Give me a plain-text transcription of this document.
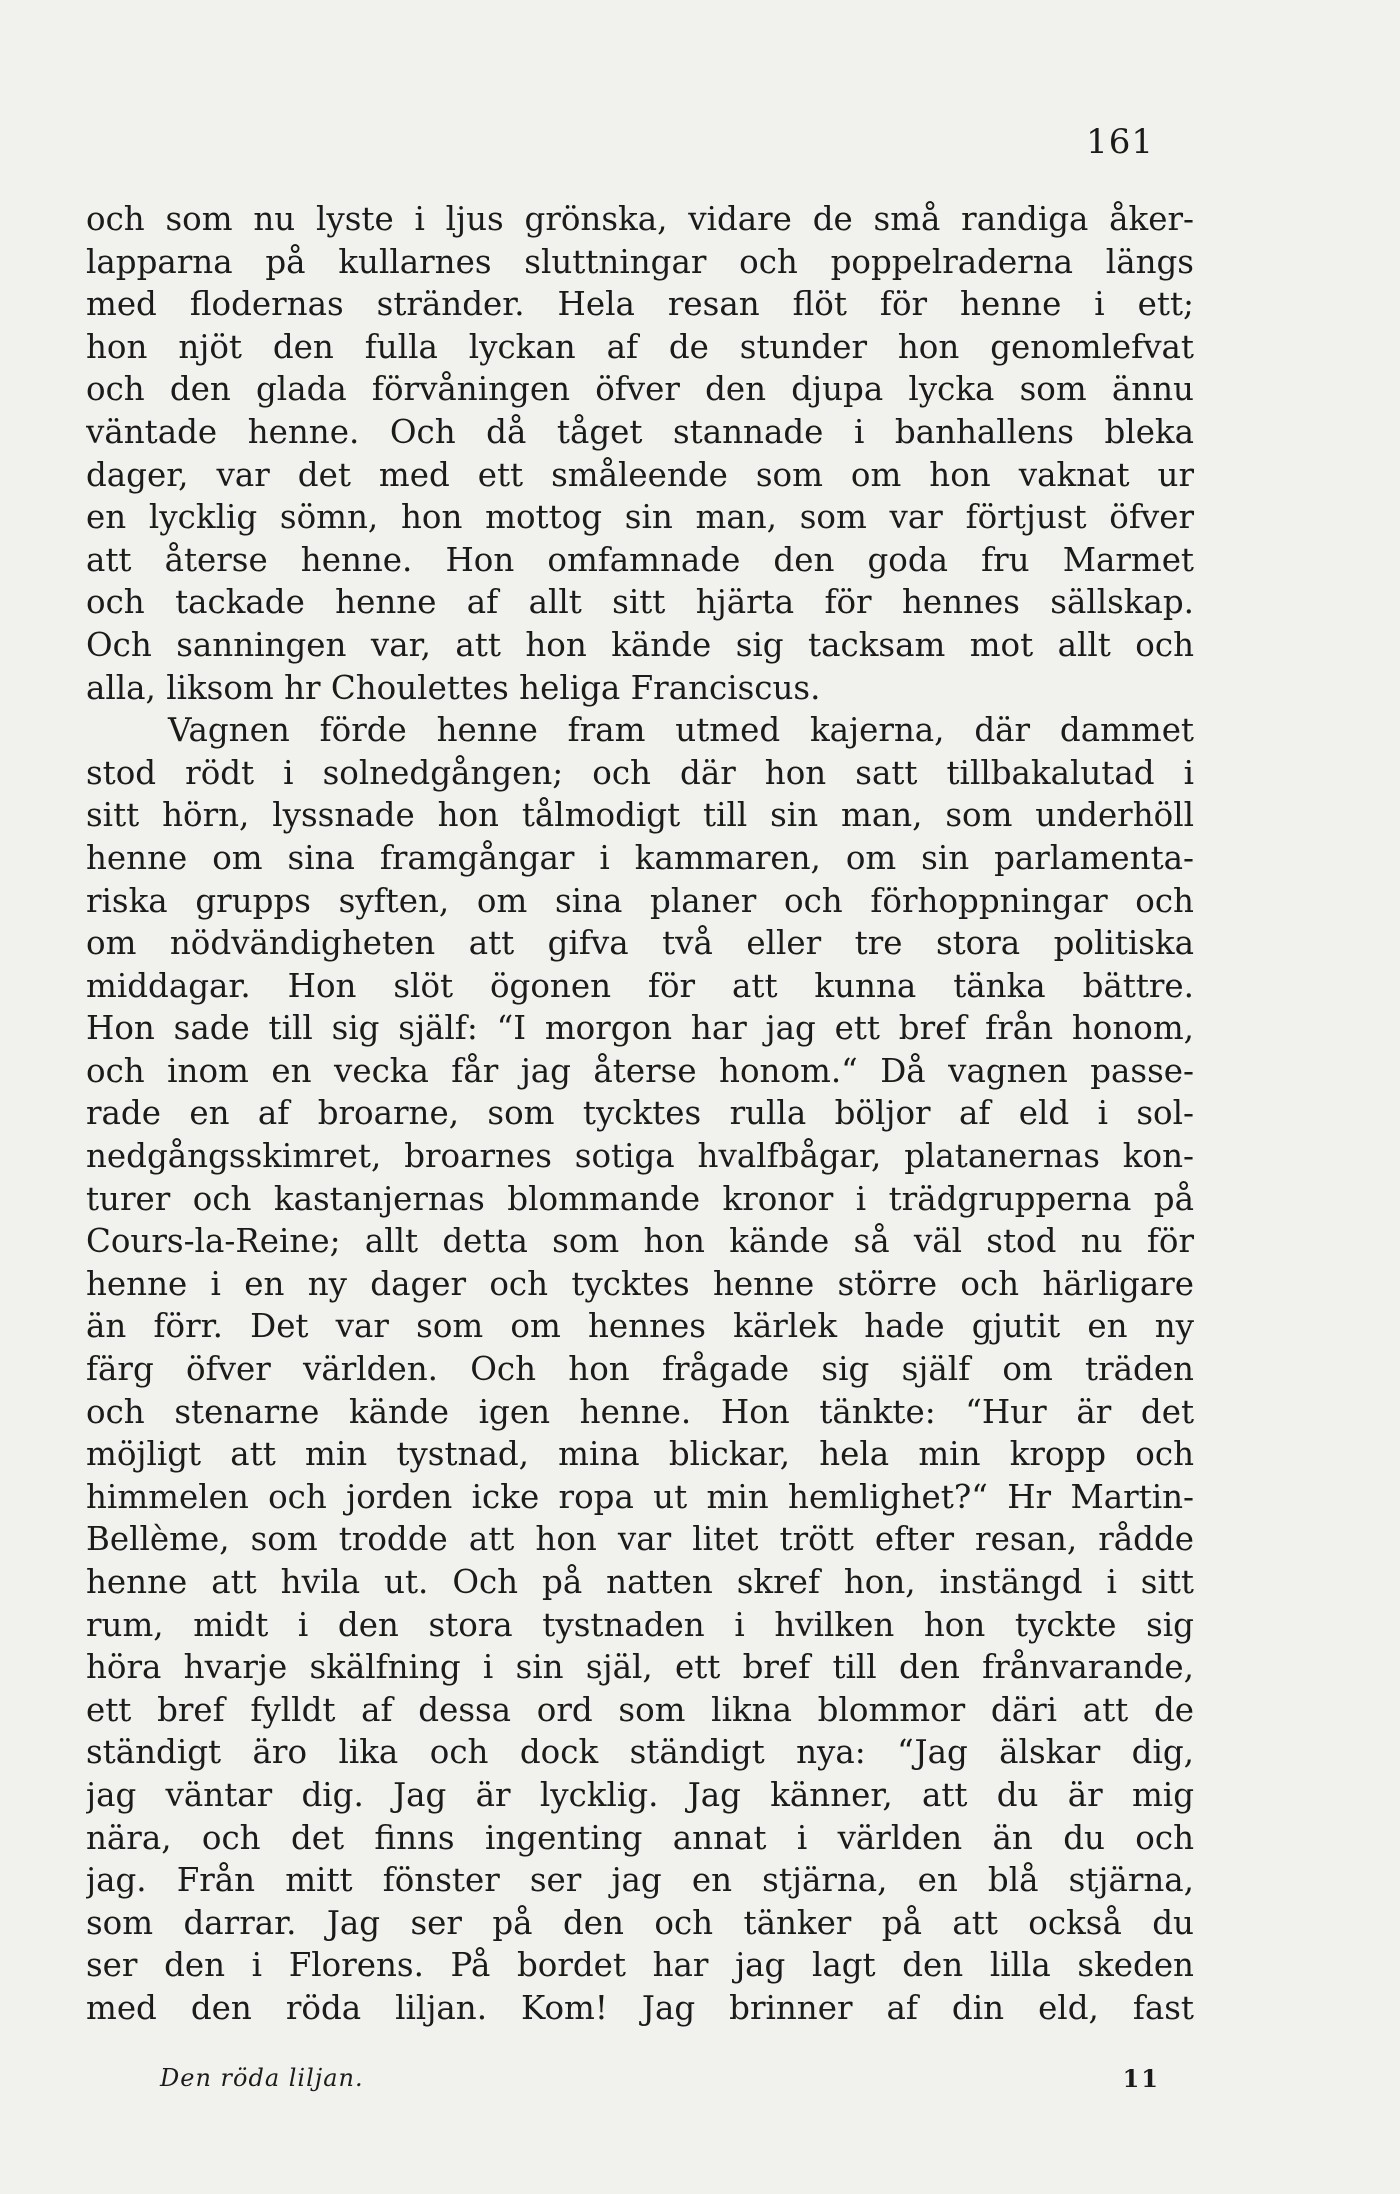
161
och som nu lyste i ljus grönska, vidare de små randiga åker-
lapparna på kullarnes sluttningar och poppelraderna längs
med flodernas stränder. Hela resan flöt för henne i ett;
hon njöt den fulla lyckan af de stunder hon genomlefvat
och den glada förvåningen öfver den djupa lycka som ännu
väntade henne. Och då tåget stannade i banhallens bleka
dager, var det med ett småleende som om hon vaknat ur
en lycklig sömn, hon mottog sin man, som var förtjust öfver
att återse henne. Hon omfamnade den goda fru Marmet
och tackade henne af allt sitt hjärta för hennes sällskap.
Och sanningen var, att hon kände sig tacksam mot allt och
alla, liksom hr Choulettes heliga Franciscus.
Vagnen förde henne fram utmed kajerna, där dammet
stod rödt i solnedgången; och där hon satt tillbakalutad i
sitt hörn, lyssnade hon tålmodigt till sin man, som underhöll
henne om sina framgångar i kammaren, om sin parlamenta-
riska grupps syften, om sina planer och förhoppningar och
om nödvändigheten att gifva två eller tre stora politiska
middagar. Hon slöt ögonen för att kunna tänka bättre.
Hon sade till sig själf: “I morgon har jag ett bref från honom,
och inom en vecka får jag återse honom.“ Då vagnen passe-
rade en af broarne, som tycktes rulla böljor af eld i sol-
nedgångsskimret, broarnes sotiga hvalfbågar, platanernas kon-
turer och kastanjernas blommande kronor i trädgrupperna på
Cours-la-Reine; allt detta som hon kände så väl stod nu för
henne i en ny dager och tycktes henne större och härligare
än förr. Det var som om hennes kärlek hade gjutit en ny
färg öfver världen. Och hon frågade sig själf om träden
och stenarne kände igen henne. Hon tänkte: “Hur är det
möjligt att min tystnad, mina blickar, hela min kropp och
himmelen och jorden icke ropa ut min hemlighet?“ Hr Martin-
Bellème, som trodde att hon var litet trött efter resan, rådde
henne att hvila ut. Och på natten skref hon, instängd i sitt
rum, midt i den stora tystnaden i hvilken hon tyckte sig
höra hvarje skälfning i sin själ, ett bref till den frånvarande,
ett bref fylldt af dessa ord som likna blommor däri att de
ständigt äro lika och dock ständigt nya: “Jag älskar dig,
jag väntar dig. Jag är lycklig. Jag känner, att du är mig
nära, och det finns ingenting annat i världen än du och
jag. Från mitt fönster ser jag en stjärna, en blå stjärna,
som darrar. Jag ser på den och tänker på att också du
ser den i Florens. På bordet har jag lagt den lilla skeden
med den röda liljan. Kom! Jag brinner af din eld, fast
Den röda liljan.	11
